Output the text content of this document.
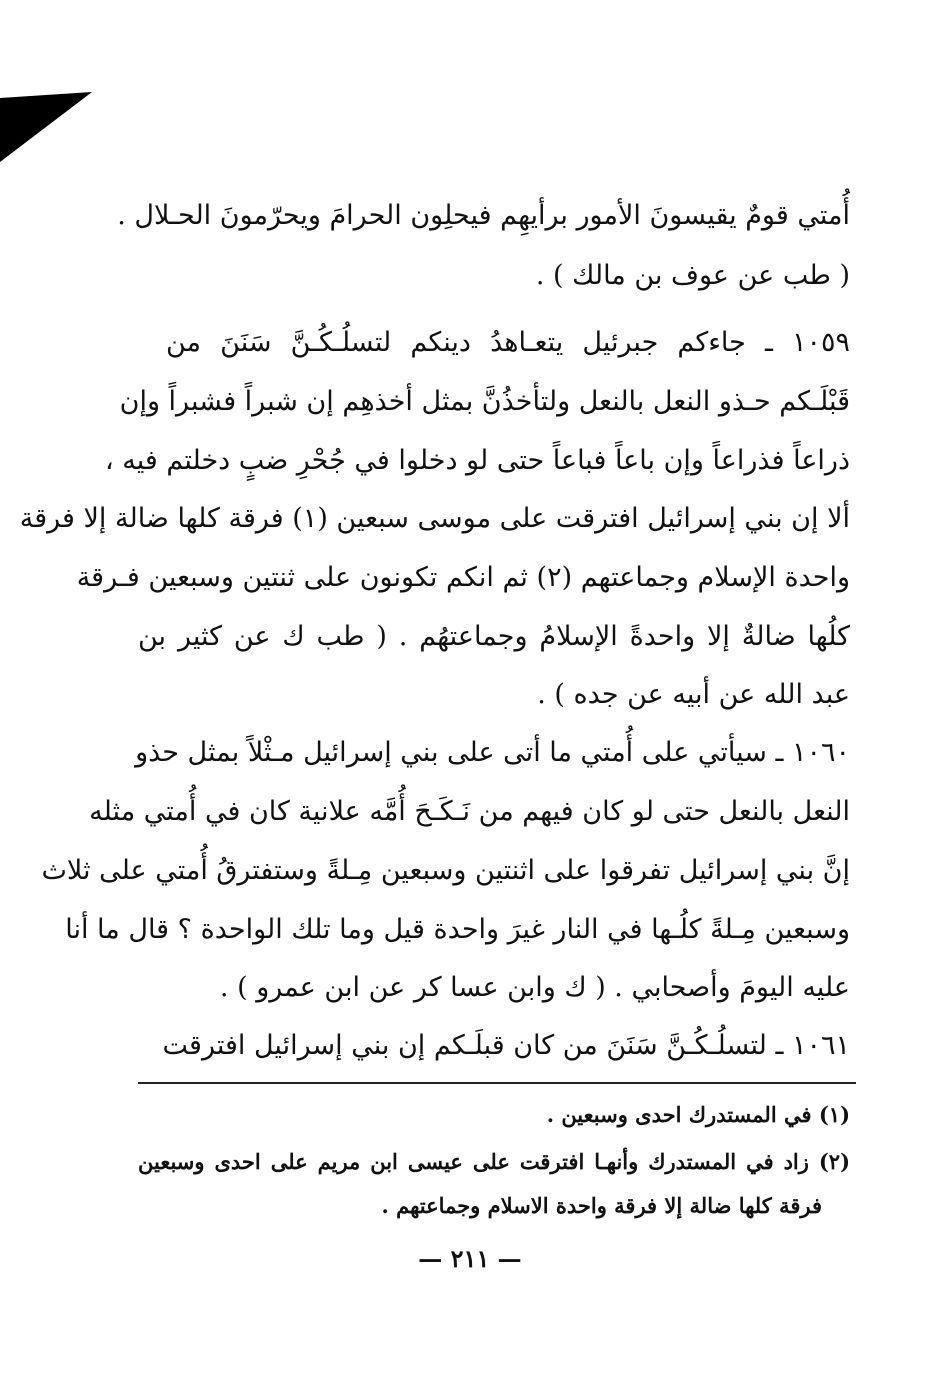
أُمتي قومٌ يقيسونَ الأمور برأيهِم فيحلِون الحرامَ ويحرّمونَ الحـلال .
( طب عن عوف بن مالك ) .
١٠٥٩ ـ جاءكم جبرئيل يتعـاهدُ دينكم لتسلُـكُـنَّ سَنَنَ من
قَبْلَـكم حـذو النعل بالنعل ولتأخذُنَّ بمثل أخذهِم إن شبراً فشبراً وإن
ذراعاً فذراعاً وإن باعاً فباعاً حتى لو دخلوا في جُحْرِ ضبٍ دخلتم فيه ،
ألا إن بني إسرائيل افترقت على موسى سبعين (١) فرقة كلها ضالة إلا فرقة
واحدة الإسلام وجماعتهم (٢) ثم انكم تكونون على ثنتين وسبعين فـرقة
كلُها ضالةٌ إلا واحدةً الإسلامُ وجماعتهُم . ( طب ك عن كثير بن
عبد الله عن أبيه عن جده ) .
١٠٦٠ ـ سيأتي على أُمتي ما أتى على بني إسرائيل مـثْلاً بمثل حذو
النعل بالنعل حتى لو كان فيهم من نَـكَـحَ أُمَّه علانية كان في أُمتي مثله
إنَّ بني إسرائيل تفرقوا على اثنتين وسبعين مِـلةً وستفترقُ أُمتي على ثلاث
وسبعين مِـلةً كلُـها في النار غيرَ واحدة قيل وما تلك الواحدة ؟ قال ما أنا
عليه اليومَ وأصحابي . ( ك وابن عسا كر عن ابن عمرو ) .
١٠٦١ ـ لتسلُـكُـنَّ سَنَنَ من كان قبلَـكم إن بني إسرائيل افترقت
(١) في المستدرك احدى وسبعين .
(٢) زاد في المستدرك وأنهـا افترقت على عيسى ابن مريم على احدى وسبعين
فرقة كلها ضالة إلا فرقة واحدة الاسلام وجماعتهم .
— ٢١١ —
